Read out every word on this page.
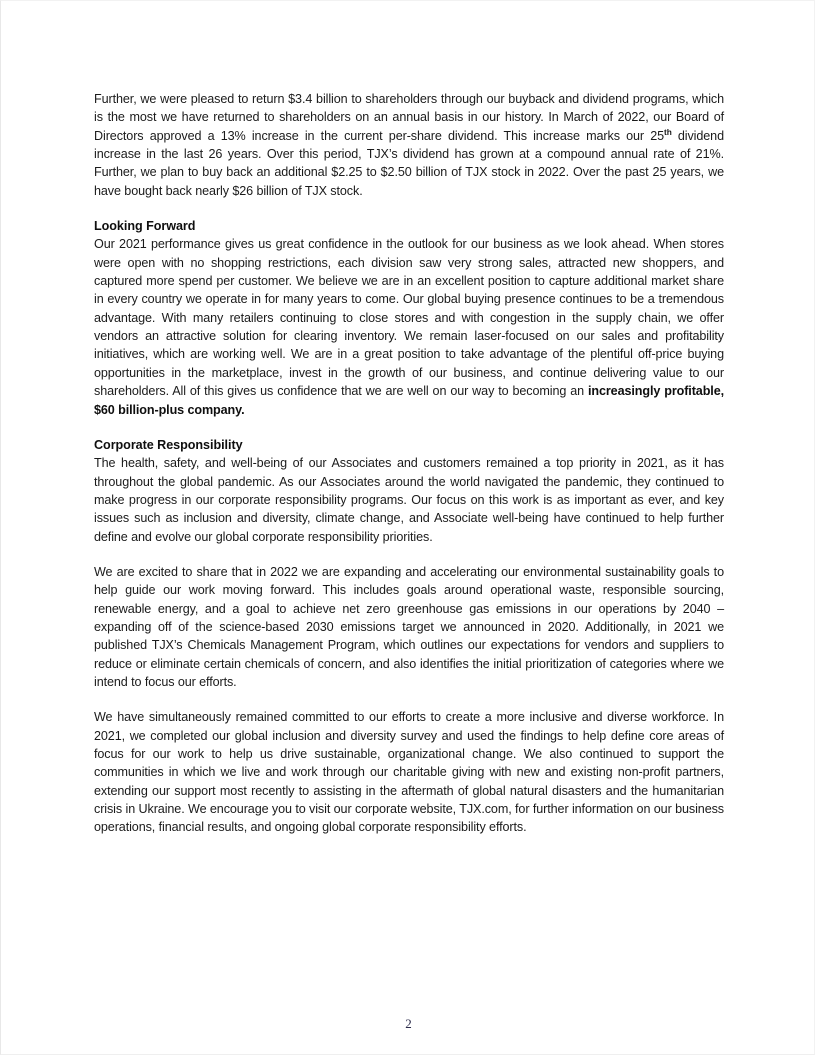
Further, we were pleased to return $3.4 billion to shareholders through our buyback and dividend programs, which is the most we have returned to shareholders on an annual basis in our history. In March of 2022, our Board of Directors approved a 13% increase in the current per-share dividend. This increase marks our 25th dividend increase in the last 26 years. Over this period, TJX’s dividend has grown at a compound annual rate of 21%. Further, we plan to buy back an additional $2.25 to $2.50 billion of TJX stock in 2022. Over the past 25 years, we have bought back nearly $26 billion of TJX stock.

Looking Forward

Our 2021 performance gives us great confidence in the outlook for our business as we look ahead. When stores were open with no shopping restrictions, each division saw very strong sales, attracted new shoppers, and captured more spend per customer. We believe we are in an excellent position to capture additional market share in every country we operate in for many years to come. Our global buying presence continues to be a tremendous advantage. With many retailers continuing to close stores and with congestion in the supply chain, we offer vendors an attractive solution for clearing inventory. We remain laser-focused on our sales and profitability initiatives, which are working well. We are in a great position to take advantage of the plentiful off-price buying opportunities in the marketplace, invest in the growth of our business, and continue delivering value to our shareholders. All of this gives us confidence that we are well on our way to becoming an increasingly profitable, $60 billion-plus company.

Corporate Responsibility

The health, safety, and well-being of our Associates and customers remained a top priority in 2021, as it has throughout the global pandemic. As our Associates around the world navigated the pandemic, they continued to make progress in our corporate responsibility programs. Our focus on this work is as important as ever, and key issues such as inclusion and diversity, climate change, and Associate well-being have continued to help further define and evolve our global corporate responsibility priorities.

We are excited to share that in 2022 we are expanding and accelerating our environmental sustainability goals to help guide our work moving forward. This includes goals around operational waste, responsible sourcing, renewable energy, and a goal to achieve net zero greenhouse gas emissions in our operations by 2040 – expanding off of the science-based 2030 emissions target we announced in 2020. Additionally, in 2021 we published TJX’s Chemicals Management Program, which outlines our expectations for vendors and suppliers to reduce or eliminate certain chemicals of concern, and also identifies the initial prioritization of categories where we intend to focus our efforts.

We have simultaneously remained committed to our efforts to create a more inclusive and diverse workforce. In 2021, we completed our global inclusion and diversity survey and used the findings to help define core areas of focus for our work to help us drive sustainable, organizational change. We also continued to support the communities in which we live and work through our charitable giving with new and existing non-profit partners, extending our support most recently to assisting in the aftermath of global natural disasters and the humanitarian crisis in Ukraine. We encourage you to visit our corporate website, TJX.com, for further information on our business operations, financial results, and ongoing global corporate responsibility efforts.

2
